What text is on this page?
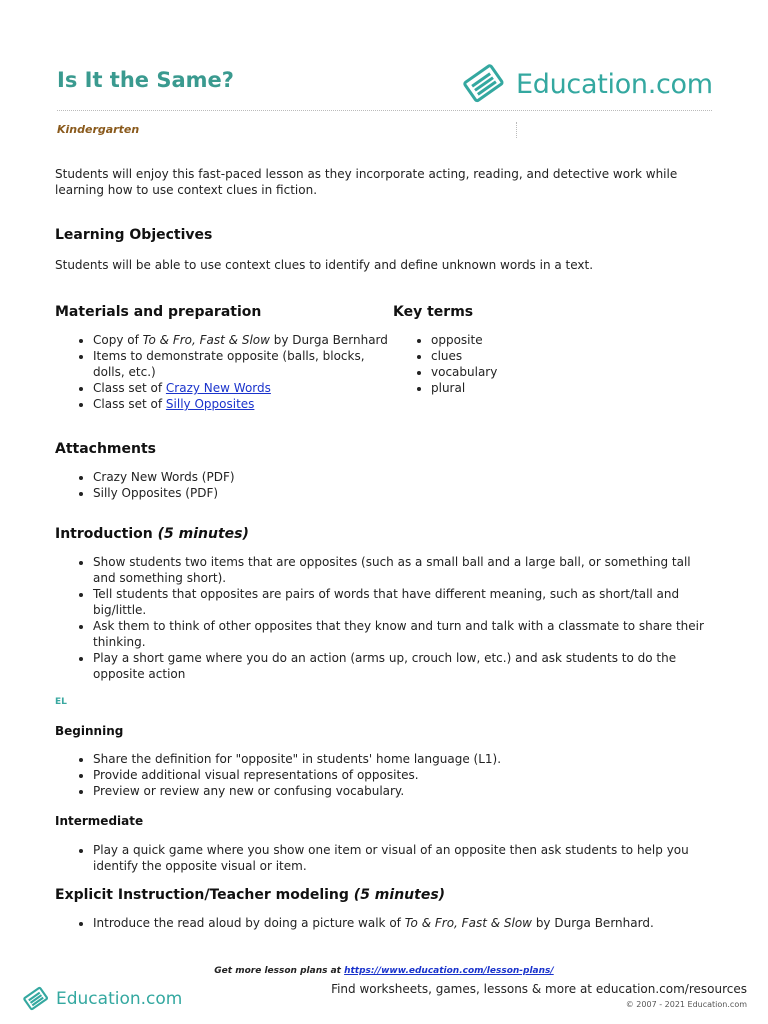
Is It the Same?	Education.com
Kindergarten

Students will enjoy this fast-paced lesson as they incorporate acting, reading, and detective work while learning how to use context clues in fiction.

Learning Objectives

Students will be able to use context clues to identify and define unknown words in a text.

Materials and preparation
• Copy of To & Fro, Fast & Slow by Durga Bernhard
• Items to demonstrate opposite (balls, blocks, dolls, etc.)
• Class set of Crazy New Words
• Class set of Silly Opposites
Key terms
• opposite
• clues
• vocabulary
• plural
Attachments
• Crazy New Words (PDF)
• Silly Opposites (PDF)
Introduction (5 minutes)
• Show students two items that are opposites (such as a small ball and a large ball, or something tall and something short).
• Tell students that opposites are pairs of words that have different meaning, such as short/tall and big/little.
• Ask them to think of other opposites that they know and turn and talk with a classmate to share their thinking.
• Play a short game where you do an action (arms up, crouch low, etc.) and ask students to do the opposite action
EL
Beginning
• Share the definition for "opposite" in students' home language (L1).
• Provide additional visual representations of opposites.
• Preview or review any new or confusing vocabulary.
Intermediate
• Play a quick game where you show one item or visual of an opposite then ask students to help you identify the opposite visual or item.
Explicit Instruction/Teacher modeling (5 minutes)
• Introduce the read aloud by doing a picture walk of To & Fro, Fast & Slow by Durga Bernhard.
Get more lesson plans at https://www.education.com/lesson-plans/
Education.com	Find worksheets, games, lessons & more at education.com/resources
© 2007 - 2021 Education.com
